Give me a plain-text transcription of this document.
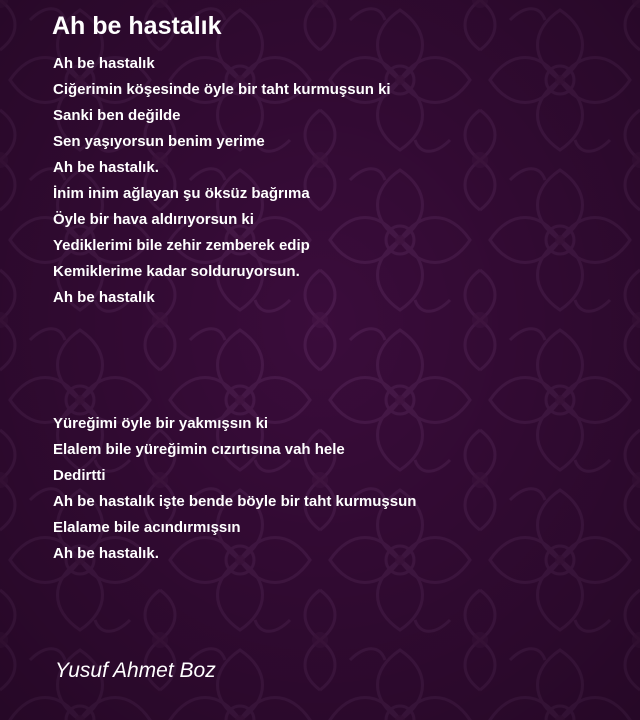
Ah be hastalık
Ah be hastalık
Ciğerimin köşesinde öyle bir taht kurmuşsun ki
Sanki ben değilde
Sen yaşıyorsun benim yerime
Ah be hastalık.
İnim inim ağlayan şu öksüz bağrıma
Öyle bir hava aldırıyorsun ki
Yediklerimi bile zehir zemberek edip
Kemiklerime kadar solduruyorsun.
Ah be hastalık
Yüreğimi öyle bir yakmışsın ki
Elalem bile yüreğimin cızırtısına vah hele
Dedirtti
Ah be hastalık işte bende böyle bir taht kurmuşsun
Elalame bile acındırmışsın
Ah be hastalık.

Yusuf Ahmet Boz
